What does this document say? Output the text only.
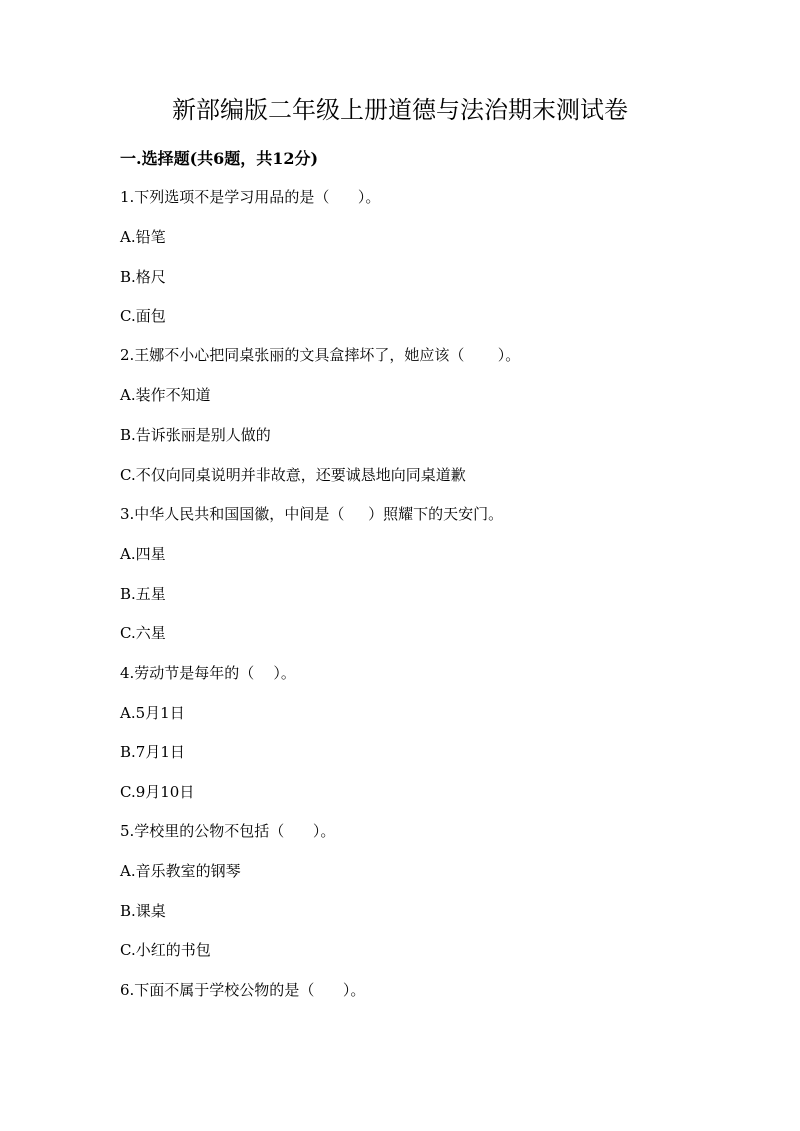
新部编版二年级上册道德与法治期末测试卷
一.选择题(共6题，共12分)
1.下列选项不是学习用品的是（      ）。
A.铅笔
B.格尺
C.面包
2.王娜不小心把同桌张丽的文具盒摔坏了，她应该（       ）。
A.装作不知道
B.告诉张丽是别人做的
C.不仅向同桌说明并非故意，还要诚恳地向同桌道歉
3.中华人民共和国国徽，中间是（     ）照耀下的天安门。
A.四星
B.五星
C.六星
4.劳动节是每年的（    ）。
A.5月1日
B.7月1日
C.9月10日
5.学校里的公物不包括（      ）。
A.音乐教室的钢琴
B.课桌
C.小红的书包
6.下面不属于学校公物的是（      ）。
